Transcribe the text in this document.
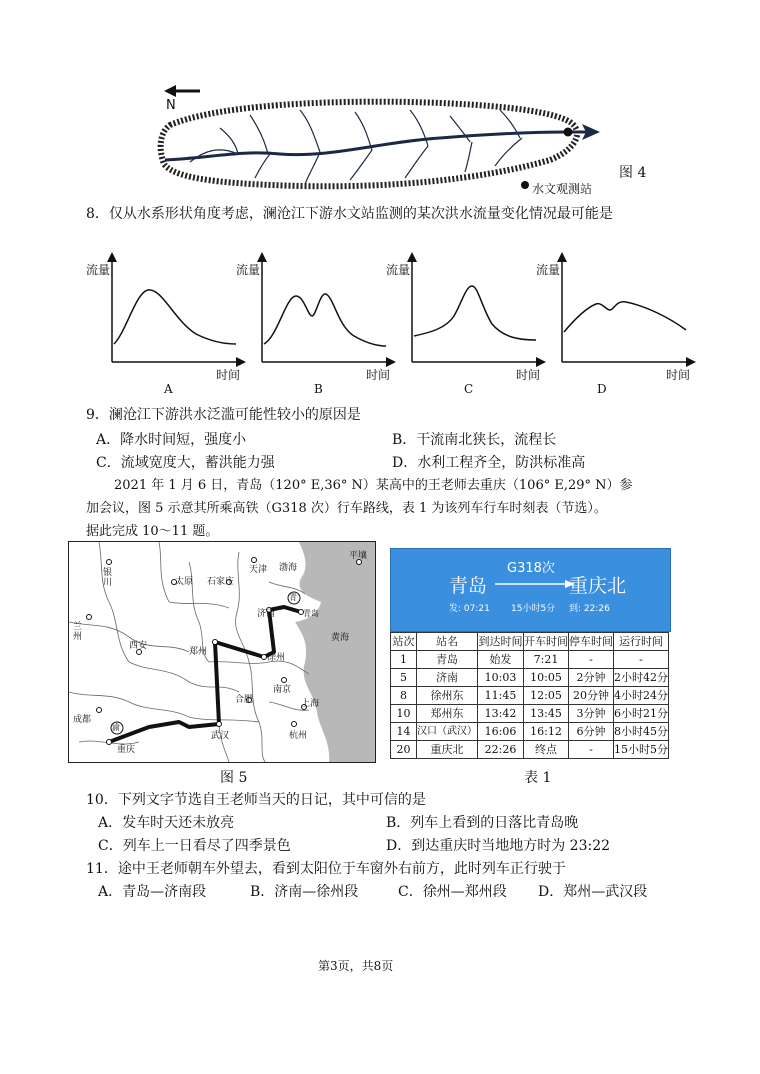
N
图 4
水文观测站
8．仅从水系形状角度考虑，澜沧江下游水文站监测的某次洪水流量变化情况最可能是
流量	流量	流量	流量
时间	时间	时间	时间
A	B	C	D
9．澜沧江下游洪水泛滥可能性较小的原因是
A．降水时间短，强度小	B．干流南北狭长，流程长
C．流域宽度大，蓄洪能力强	D．水利工程齐全，防洪标准高
2021 年 1 月 6 日，青岛（120° E,36° N）某高中的王老师去重庆（106° E,29° N）参
加会议，图 5 示意其所乘高铁（G318 次）行车路线，表 1 为该列车行车时刻表（节选）。
据此完成 10～11 题。
银川	太原 石家庄
天津 渤海
平壤
兰州
济南
青
青岛
黄海
西安
郑州
徐州
南京
合肥	上海
成都
渝
重庆
武汉	杭州
图 5
青岛
G318次
重庆北
发: 07:21 15小时5分 到: 22:26
站次	站名	到达时间	开车时间	停车时间	运行时间
1	青岛	始发	7:21	-	-
5	济南	10:03	10:05	2分钟	2小时42分
8	徐州东	11:45	12:05	20分钟	4小时24分
10	郑州东	13:42	13:45	3分钟	6小时21分
14	汉口（武汉）	16:06	16:12	6分钟	8小时45分
20	重庆北	22:26	终点	-	15小时5分
表 1
10．下列文字节选自王老师当天的日记，其中可信的是
A．发车时天还未放亮	B．列车上看到的日落比青岛晚
C．列车上一日看尽了四季景色	D．到达重庆时当地地方时为 23:22
11．途中王老师朝车外望去，看到太阳位于车窗外右前方，此时列车正行驶于
A．青岛—济南段	B．济南—徐州段	C．徐州—郑州段 D．郑州—武汉段
第3页，共8页
